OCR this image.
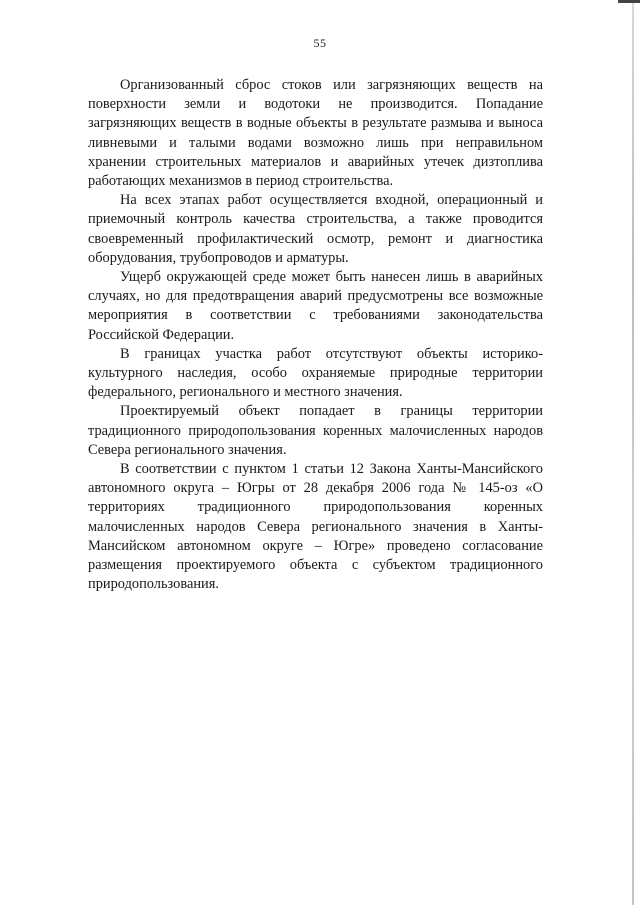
55

Организованный сброс стоков или загрязняющих веществ на поверхности земли и водотоки не производится. Попадание загрязняющих веществ в водные объекты в результате размыва и выноса ливневыми и талыми водами возможно лишь при неправильном хранении строительных материалов и аварийных утечек дизтоплива работающих механизмов в период строительства.

На всех этапах работ осуществляется входной, операционный и приемочный контроль качества строительства, а также проводится своевременный профилактический осмотр, ремонт и диагностика оборудования, трубопроводов и арматуры.

Ущерб окружающей среде может быть нанесен лишь в аварийных случаях, но для предотвращения аварий предусмотрены все возможные мероприятия в соответствии с требованиями законодательства Российской Федерации.

В границах участка работ отсутствуют объекты историко-культурного наследия, особо охраняемые природные территории федерального, регионального и местного значения.

Проектируемый объект попадает в границы территории традиционного природопользования коренных малочисленных народов Севера регионального значения.

В соответствии с пунктом 1 статьи 12 Закона Ханты-Мансийского автономного округа – Югры от 28 декабря 2006 года № 145-оз «О территориях традиционного природопользования коренных малочисленных народов Севера регионального значения в Ханты-Мансийском автономном округе – Югре» проведено согласование размещения проектируемого объекта с субъектом традиционного природопользования.
